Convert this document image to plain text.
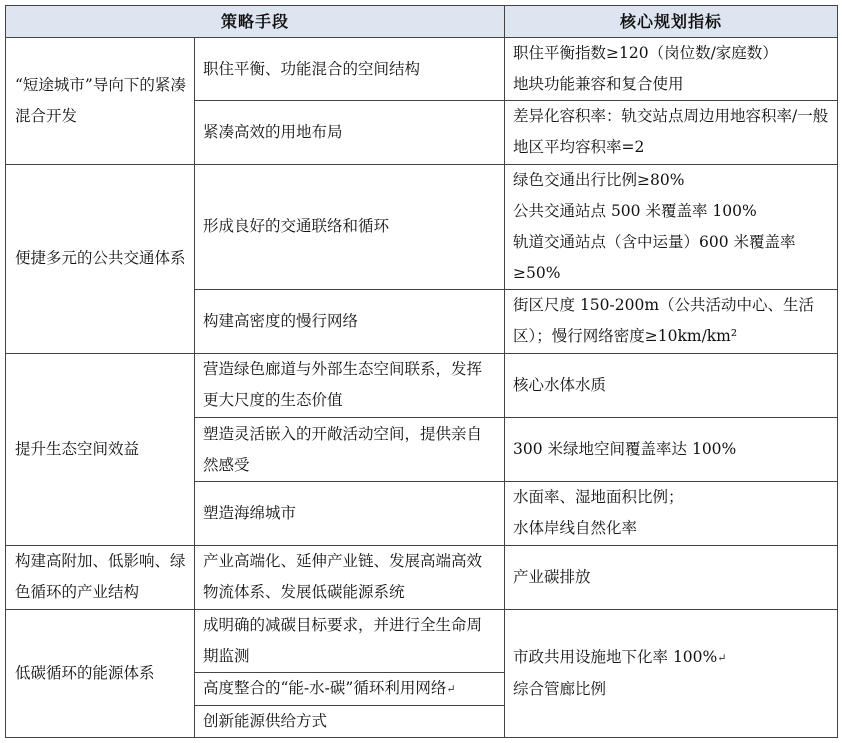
策略手段		核心规划指标
“短途城市”导向下的紧凑混合开发	职住平衡、功能混合的空间结构	职住平衡指数≥120（岗位数/家庭数）
地块功能兼容和复合使用

	紧凑高效的用地布局	差异化容积率：轨交站点周边用地容积率/一般地区平均容积率=2
便捷多元的公共交通体系	形成良好的交通联络和循环	绿色交通出行比例≥80%
公共交通站点 500 米覆盖率 100%
轨道交通站点（含中运量）600 米覆盖率≥50%
	构建高密度的慢行网络	街区尺度 150-200m（公共活动中心、生活区）；慢行网络密度≥10km/km²
提升生态空间效益	营造绿色廊道与外部生态空间联系，发挥更大尺度的生态价值	核心水体水质
	塑造灵活嵌入的开敞活动空间，提供亲自然感受	300 米绿地空间覆盖率达 100%
	塑造海绵城市	水面率、湿地面积比例；
水体岸线自然化率

构建高附加、低影响、绿色循环的产业结构	产业高端化、延伸产业链、发展高端高效物流体系、发展低碳能源系统	产业碳排放
低碳循环的能源体系	成明确的减碳目标要求，并进行全生命周期监测	市政共用设施地下化率 100%↵
综合管廊比例

	高度整合的“能-水-碳”循环利用网络↵	
	创新能源供给方式	
